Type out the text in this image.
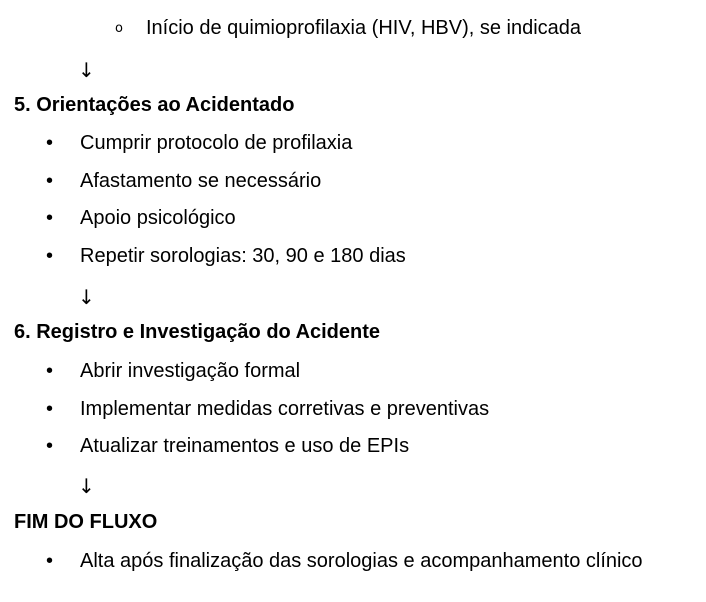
o Início de quimioprofilaxia (HIV, HBV), se indicada
↓
5. Orientações ao Acidentado
• Cumprir protocolo de profilaxia
• Afastamento se necessário
• Apoio psicológico
• Repetir sorologias: 30, 90 e 180 dias
↓
6. Registro e Investigação do Acidente
• Abrir investigação formal
• Implementar medidas corretivas e preventivas
• Atualizar treinamentos e uso de EPIs
↓
FIM DO FLUXO
• Alta após finalização das sorologias e acompanhamento clínico
